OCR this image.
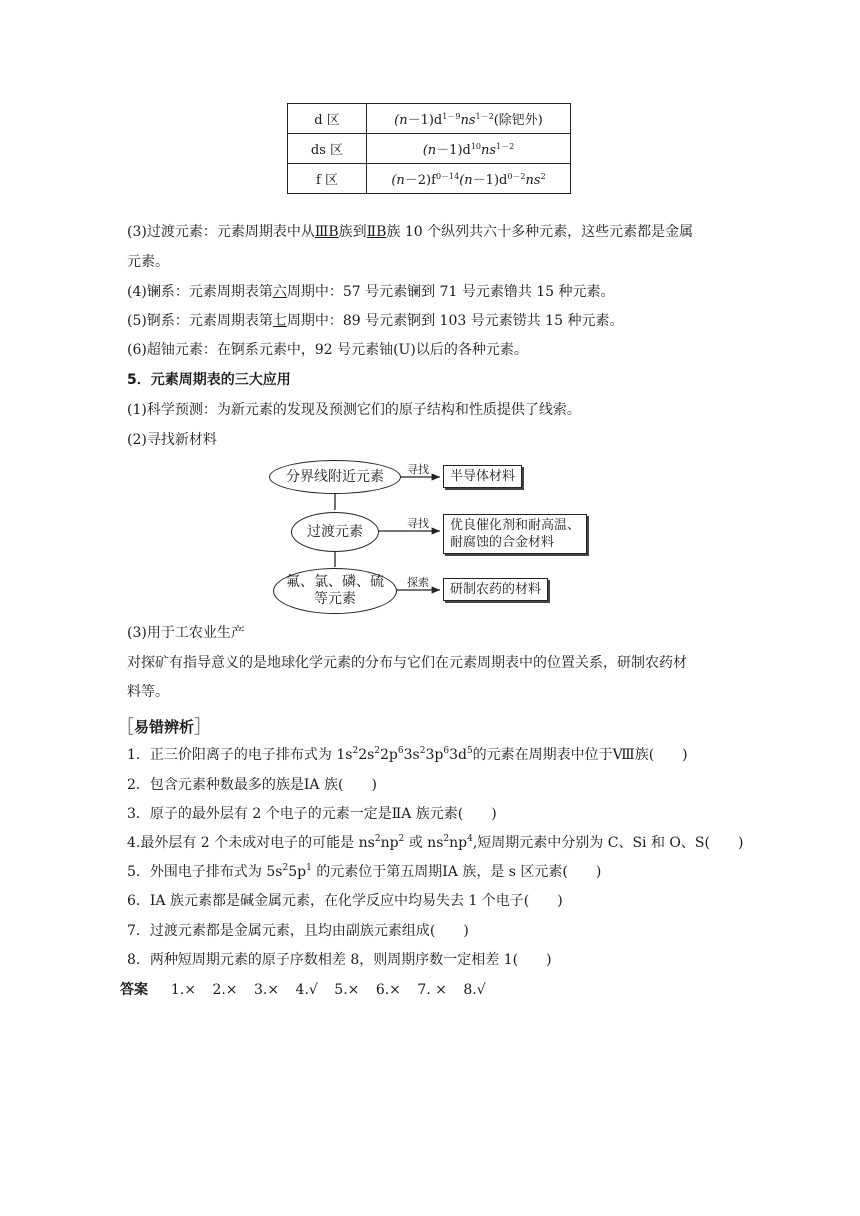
d 区	$(n-1)d^{1-9}ns^{1-2}$(除钯外)
ds 区	$(n-1)d^{10}ns^{1-2}$
f 区	$(n-2)f^{0-14}(n-1)d^{0-2}ns^2$
(3)过渡元素：元素周期表中从ⅢB族到ⅡB族 10 个纵列共六十多种元素，这些元素都是金属
元素。
(4)镧系：元素周期表第六周期中：57 号元素镧到 71 号元素镥共 15 种元素。
(5)锕系：元素周期表第七周期中：89 号元素锕到 103 号元素铹共 15 种元素。
(6)超铀元素：在锕系元素中，92 号元素铀(U)以后的各种元素。
5．元素周期表的三大应用
(1)科学预测：为新元素的发现及预测它们的原子结构和性质提供了线索。
(2)寻找新材料
分界线附近元素
过渡元素
氟、氯、磷、硫
等元素
寻找
寻找
探索
半导体材料
优良催化剂和耐高温、
耐腐蚀的合金材料
研制农药的材料
(3)用于工农业生产
对探矿有指导意义的是地球化学元素的分布与它们在元素周期表中的位置关系，研制农药材
料等。
［易错辨析］
1．正三价阳离子的电子排布式为 $1s^22s^22p^63s^23p^63d^5$的元素在周期表中位于Ⅷ族(　　)
2．包含元素种数最多的族是ⅠA 族(　　)
3．原子的最外层有 2 个电子的元素一定是ⅡA 族元素(　　)
4.最外层有 2 个未成对电子的可能是 $ns^2np^2$ 或 $ns^2np^4$,短周期元素中分别为 C、Si 和 O、S(　　)
5．外围电子排布式为 $5s^25p^1$ 的元素位于第五周期ⅠA 族，是 s 区元素(　　)
6．ⅠA 族元素都是碱金属元素，在化学反应中均易失去 1 个电子(　　)
7．过渡元素都是金属元素，且均由副族元素组成(　　)
8．两种短周期元素的原子序数相差 8，则周期序数一定相差 1(　　)
答案 1.× 2.× 3.× 4.√ 5.× 6.× 7. × 8.√
